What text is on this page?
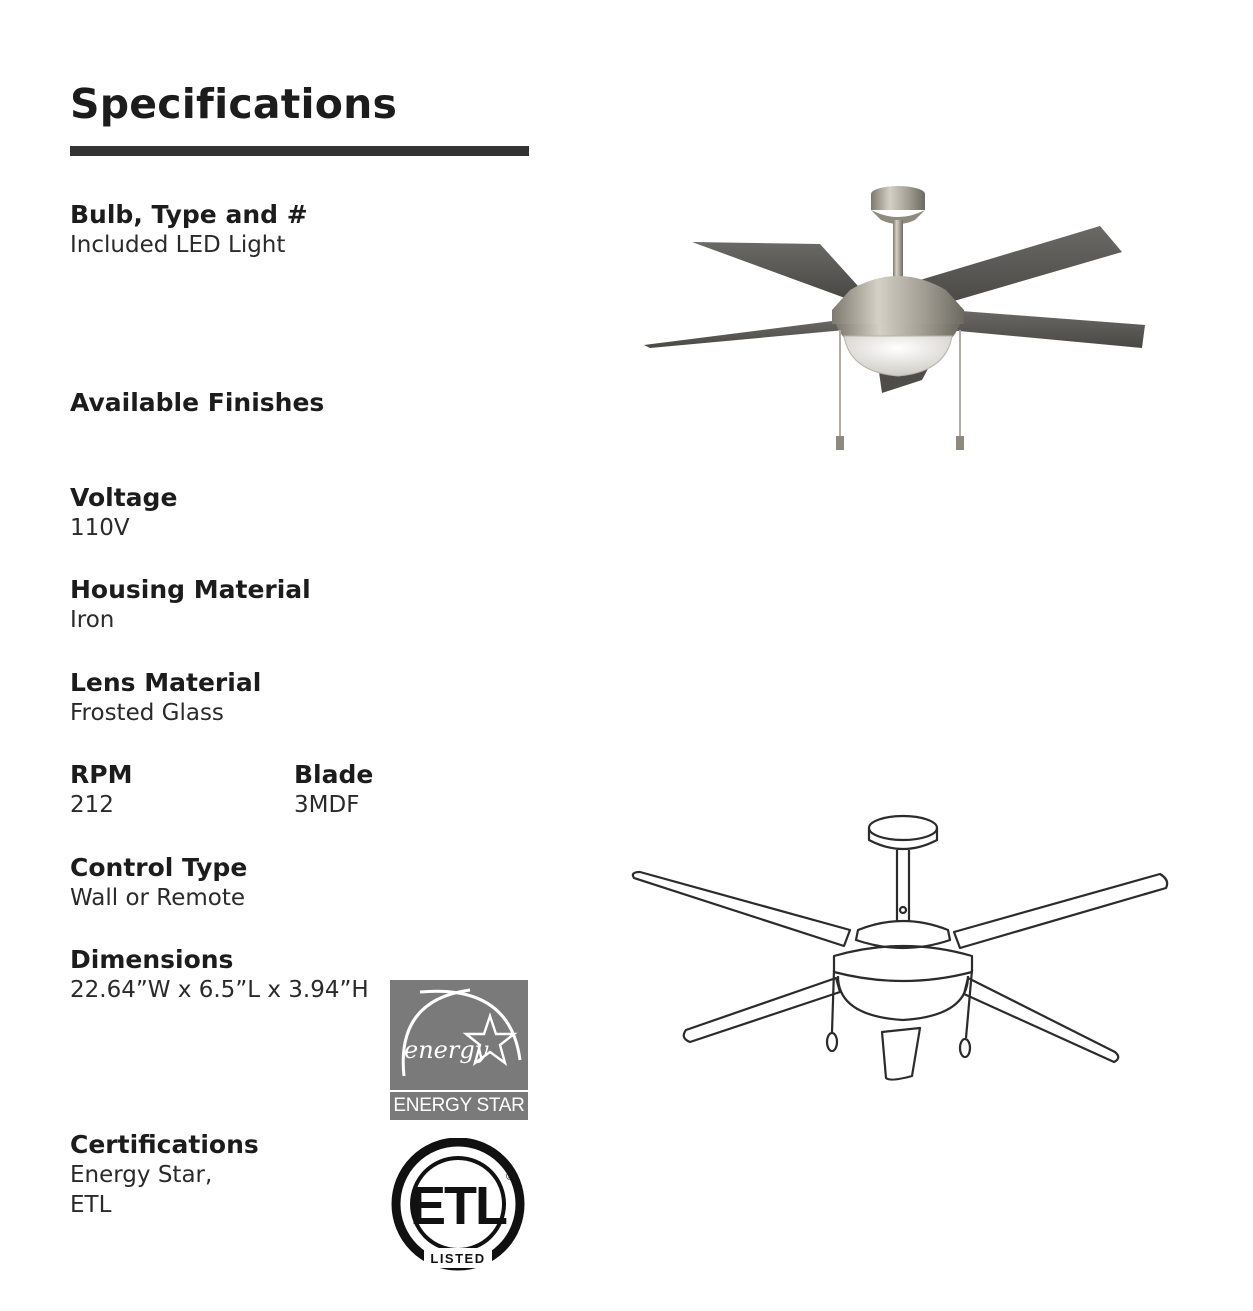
Specifications
Bulb, Type and #
Included LED Light
Available Finishes
Voltage
110V
Housing Material
Iron
Lens Material
Frosted Glass
RPM
212
Blade
3MDF
Control Type
Wall or Remote
Dimensions
22.64”W x 6.5”L x 3.94”H
Certifications
Energy Star,
ETL
energy
ENERGY STAR
ETL ®
LISTED
